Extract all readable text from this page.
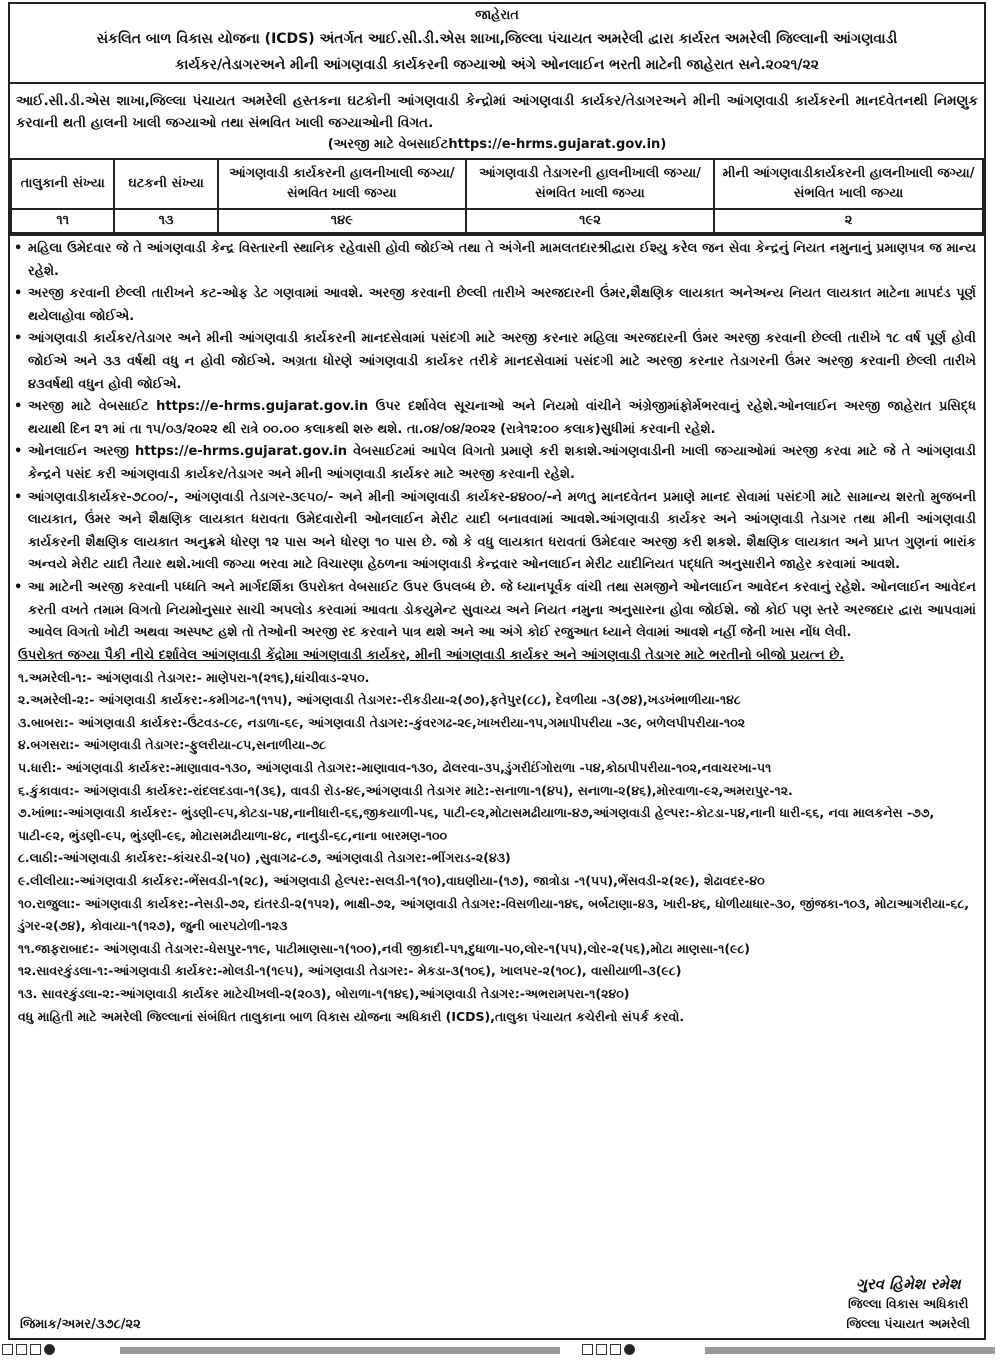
જાહેરાત
સંકલિત બાળ વિકાસ યોજના (ICDS) અંતર્ગત આઈ.સી.ડી.એસ શાખા,જિલ્લા પંચાયત અમરેલી દ્વારા કાર્યરત અમરેલી જિલ્લાની આંગણવાડી
કાર્યકર/તેડાગરઅને મીની આંગણવાડી કાર્યકરની જગ્યાઓ અંગે ઓનલાઈન ભરતી માટેની જાહેરાત સને.૨૦૨૧/૨૨
આઈ.સી.ડી.એસ શાખા,જિલ્લા પંચાયત અમરેલી હસ્તકના ઘટકોની આંગણવાડી કેન્દ્રોમાં આંગણવાડી કાર્યકર/તેડાગરઅને મીની આંગણવાડી કાર્યકરની માનદવેતનથી નિમણુક કરવાની થતી હાલની ખાલી જગ્યાઓ તથા સંભવિત ખાલી જગ્યાઓની વિગત.
(અરજી માટે વેબસાઈટhttps://e-hrms.gujarat.gov.in)
તાલુકાની સંખ્યા	ઘટકની સંખ્યા	આંગણવાડી કાર્યકરની હાલનીખાલી જગ્યા/ સંભવિત ખાલી જગ્યા	આંગણવાડી તેડાગરની હાલનીખાલી જગ્યા/ સંભવિત ખાલી જગ્યા	મીની આંગણવાડીકાર્યકરની હાલનીખાલી જગ્યા/ સંભવિત ખાલી જગ્યા
૧૧	૧૩	૧૪૯	૧૯૨	૨
• મહિલા ઉમેદવાર જે તે આંગણવાડી કેન્દ્ર વિસ્તારની સ્થાનિક રહેવાસી હોવી જોઈએ તથા તે અંગેની મામલતદારશ્રીદ્વારા ઈશ્યુ કરેલ જન સેવા કેન્દ્રનું નિયત નમુનાનું પ્રમાણપત્ર જ માન્ય રહેશે.
• અરજી કરવાની છેલ્લી તારીખને કટ-ઓફ ડેટ ગણવામાં આવશે. અરજી કરવાની છેલ્લી તારીખે અરજદારની ઉંમર,શૈક્ષણિક લાયકાત અનેઅન્ય નિયત લાયકાત માટેના માપદંડ પૂર્ણ થયેલાહોવા જોઈએ.
• આંગણવાડી કાર્યકર/તેડાગર અને મીની આંગણવાડી કાર્યકરની માનદસેવામાં પસંદગી માટે અરજી કરનાર મહિલા અરજદારની ઉંમર અરજી કરવાની છેલ્લી તારીખે ૧૮ વર્ષ પૂર્ણ હોવી જોઈએ અને ૩૩ વર્ષથી વધુ ન હોવી જોઈએ. અગ્રતા ધોરણે આંગણવાડી કાર્યકર તરીકે માનદસેવામાં પસંદગી માટે અરજી કરનાર તેડાગરની ઉંમર અરજી કરવાની છેલ્લી તારીખે ૪૩વર્ષથી વધુન હોવી જોઈએ.
• અરજી માટે વેબસાઈટ https://e-hrms.gujarat.gov.in ઉપર દર્શાવેલ સૂચનાઓ અને નિયમો વાંચીને અંગ્રેજીમાંફોર્મભરવાનું રહેશે.ઓનલાઈન અરજી જાહેરાત પ્રસિદ્ધ થયાથી દિન ૨૧ માં તા ૧૫/૦૩/૨૦૨૨ થી રાત્રે ૦૦.૦૦ કલાકથી શરુ થશે. તા.૦૪/૦૪/૨૦૨૨ (રાત્રે૧૨:૦૦ કલાક)સુધીમાં કરવાની રહેશે.
• ઓનલાઈન અરજી https://e-hrms.gujarat.gov.in વેબસાઈટમાં આપેલ વિગતો પ્રમાણે કરી શકાશે.આંગણવાડીની ખાલી જગ્યાઓમાં અરજી કરવા માટે જે તે આંગણવાડી કેન્દ્રને પસંદ કરી આંગણવાડી કાર્યકર/તેડાગર અને મીની આંગણવાડી કાર્યકર માટે અરજી કરવાની રહેશે.
• આંગણવાડીકાર્યકર-૭૮૦૦/-, આંગણવાડી તેડાગર-૩૯૫૦/- અને મીની આંગણવાડી કાર્યકર-૪૪૦૦/-ને મળતુ માનદવેતન પ્રમાણે માનદ સેવામાં પસંદગી માટે સામાન્ય શરતો મુજબની લાયકાત, ઉંમર અને શૈક્ષણિક લાયકાત ધરાવતા ઉમેદવારોની ઓનલાઈન મેરીટ યાદી બનાવવામાં આવશે.આંગણવાડી કાર્યકર અને આંગણવાડી તેડાગર તથા મીની આંગણવાડી કાર્યકરની શૈક્ષણિક લાયકાત અનુક્રમે ધોરણ ૧૨ પાસ અને ધોરણ ૧૦ પાસ છે. જો કે વધુ લાયકાત ધરાવતાં ઉમેદવાર અરજી કરી શકશે. શૈક્ષણિક લાયકાત અને પ્રાપ્ત ગુણનાં ભારાંક અન્વયે મેરીટ યાદી તૈયાર થશે.ખાલી જગ્યા ભરવા માટે વિચારણા હેઠળના આંગણવાડી કેન્દ્રવાર ઓનલાઈન મેરીટ યાદીનિયત પદ્ધતિ અનુસારીને જાહેર કરવામાં આવશે.
• આ માટેની અરજી કરવાની પધ્ધતિ અને માર્ગદર્શિકા ઉપરોક્ત વેબસાઈટ ઉપર ઉપલબ્ધ છે. જે ધ્યાનપૂર્વક વાંચી તથા સમજીને ઓનલાઈન આવેદન કરવાનું રહેશે. ઓનલાઈન આવેદન કરતી વખતે તમામ વિગતો નિયમોનુસાર સાચી અપલોડ કરવામાં આવતા ડોકયુમેન્ટ સુવાચ્ય અને નિયત નમુના અનુસારના હોવા જોઈશે. જો કોઈ પણ સ્તરે અરજદાર દ્વારા આપવામાં આવેલ વિગતો ખોટી અથવા અસ્પષ્ટ હશે તો તેઓની અરજી રદ કરવાને પાત્ર થશે અને આ અંગે કોઈ રજુઆત ધ્યાને લેવામાં આવશે નહીં જેની ખાસ નોંધ લેવી.
ઉપરોક્ત જગ્યા પૈકી નીચે દર્શાવેલ આંગણવાડી કેંદ્રોમા આંગણવાડી કાર્યકર, મીની આંગણવાડી કાર્યકર અને આંગણવાડી તેડાગર માટે ભરતીનો બીજો પ્રયત્ન છે.
૧.અમરેલી-૧:- આંગણવાડી તેડાગર:- માણેપરા-૧(૨૧૬),ધાંચીવાડ-૨૫૦.
૨.અમરેલી-૨:- આંગણવાડી કાર્યકર:-કમીગઢ-૧(૧૧૫), આંગણવાડી તેડાગર:-રીકડીયા-૨(૭૦),ફતેપુર(૮૮), દેવળીયા -૩(૭૪),ખડખંભાળીયા-૧૪૮
૩.બાબરા:- આંગણવાડી કાર્યકર:-ઉંટવડ-૮૯, નડાળા-૬૯, આંગણવાડી તેડાગર:-કુંવરગઢ-૨૯,ખાખરીયા-૧૫,ગમાપીપરીયા -૩૯, બળેલપીપરીયા-૧૦૨
૪.બગસરા:- આંગણવાડી તેડાગર:-ફુલરીયા-૮૫,સનાળીયા-૭૮
૫.ધારી:- આંગણવાડી કાર્યકર:-માણાવાવ-૧૩૦, આંગણવાડી તેડાગર:-માણાવાવ-૧૩૦, ઢોલરવા-૩૫,ડુંગરીઈંગોરાળા -૫૪,કોઠાપીપરીયા-૧૦૨,નવાચરખા-૫૧
૬.કુંકાવાવ:- આંગણવાડી કાર્યકર:-રાંદલદડવા-૧(૩૬), વાવડી રોડ-૪૯,આંગણવાડી તેડાગર માટે:-સનાળા-૧(૪૫), સનાળા-૨(૪૬),મોરવાળા-૯૨,અમરાપુર-૧૨.
૭.ખાંભા:-આંગણવાડી કાર્યકર:- ભુંડણી-૯૫,કોટડા-૫૪,નાનીધારી-૬૬,જીકયાળી-૫૬, પાટી-૯૨,મોટાસમઢીયાળા-૪૭,આંગણવાડી હેલ્પર:-કોટડા-૫૪,નાની ધારી-૬૬, નવા માલકનેસ -૭૭, પાટી-૯૨, ભુંડણી-૯૫, ભુંડણી-૯૬, મોટાસમઢીયાળા-૪૮, નાનુડી-૬૮,નાના બારમણ-૧૦૦
૮.લાઠી:-આંગણવાડી કાર્યકર:-કાંચરડી-૨(૫૦) ,સુવાગઢ-૮૭, આંગણવાડી તેડાગર:-ભીંગરાડ-૨(૪૩)
૯.લીલીયા:-આંગણવાડી કાર્યકર:-ભેંસવડી-૧(૨૮), આંગણવાડી હેલ્પર:-સલડી-૧(૧૦),વાઘણીયા-(૧૭), જાત્રોડા -૧(૫૫),ભેંસવડી-૨(૨૯), શેઢાવદર-૪૦
૧૦.રાજુલા:- આંગણવાડી કાર્યકર:-નેસડી-૭૨, દાંતરડી-૨(૧૫૨), ભાક્ષી-૭૨, આંગણવાડી તેડાગર:-વિસળીયા-૧૪૬, બર્બટાણા-૪૩, ખારી-૪૬, ધોળીયાધાર-૩૦, જીંજકા-૧૦૩, મોટાઆગરીયા-૬૮, ડુંગર-૨(૭૪), કોવાયા-૧(૧૨૭), જુની બારપટોળી-૧૨૩
૧૧.જાફરાબાદ:- આંગણવાડી તેડાગર:-ધેસપુર-૧૧૯, પાટીમાણસા-૧(૧૦૦),નવી જીકાદી-૫૧,દુધાળા-૫૦,લોર-૧(૫૫),લોર-૨(૫૬),મોટા માણસા-૧(૯૮)
૧૨.સાવરકુંડલા-૧:-આંગણવાડી કાર્યકર:-મોલડી-૧(૧૯૫), આંગણવાડી તેડાગર:- મેકડા-૩(૧૦૬), ખાલપર-૨(૧૦૮), વાસીયાળી-૩(૯૮)
૧૩. સાવરકુંડલા-૨:-આંગણવાડી કાર્યકર માટેચીખલી-૨(૨૦૩), બોરાળા-૧(૧૪૬),આંગણવાડી તેડાગર:-અભરામપરા-૧(૨૪૦)
વધુ માહિતી માટે અમરેલી જિલ્લાનાં સંબંધિત તાલુકાના બાળ વિકાસ યોજના અધિકારી (ICDS),તાલુકા પંચાયત કચેરીનો સંપર્ક કરવો.
જિમાક/અમર/૩૭૮/૨૨
ગુરવ હિમેશ રમેશ
જિલ્લા વિકાસ અધિકારી
જિલ્લા પંચાયત અમરેલી
